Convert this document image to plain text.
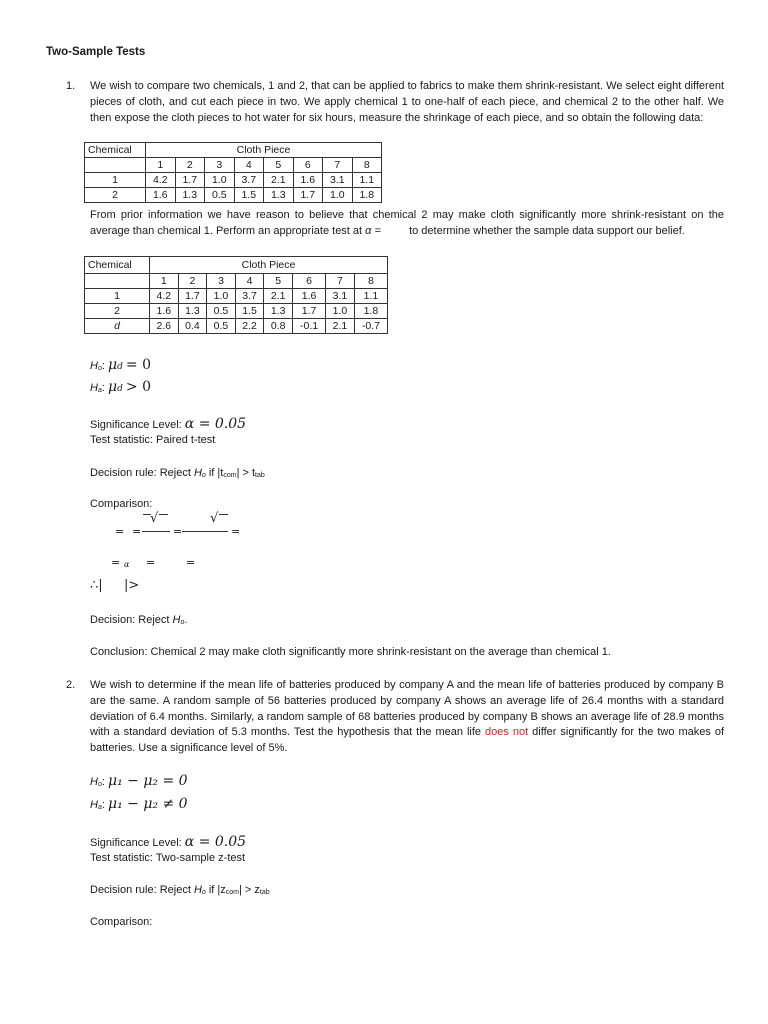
Two-Sample Tests
1. We wish to compare two chemicals, 1 and 2, that can be applied to fabrics to make them shrink-resistant. We select eight different pieces of cloth, and cut each piece in two. We apply chemical 1 to one-half of each piece, and chemical 2 to the other half. We then expose the cloth pieces to hot water for six hours, measure the shrinkage of each piece, and so obtain the following data:
Chemical	Cloth Piece							
	1	2	3	4	5	6	7	8
1	4.2	1.7	1.0	3.7	2.1	1.6	3.1	1.1
2	1.6	1.3	0.5	1.5	1.3	1.7	1.0	1.8
From prior information we have reason to believe that chemical 2 may make cloth significantly more shrink-resistant on the average than chemical 1. Perform an appropriate test at α =	to determine whether the sample data support our belief.
Chemical	Cloth Piece							
	1	2	3	4	5	6	7	8
1	4.2	1.7	1.0	3.7	2.1	1.6	3.1	1.1
2	1.6	1.3	0.5	1.5	1.3	1.7	1.0	1.8
d	2.6	0.4	0.5	2.2	0.8	-0.1	2.1	-0.7
Ho: μd = 0
Ha: μd > 0
Significance Level: α = 0.05
Test statistic: Paired t-test
Decision rule: Reject Ho if |tcom| > ttab
Comparison:
= =
√
=
√
=
= α =	=
∴| |>
Decision: Reject Ho.
Conclusion: Chemical 2 may make cloth significantly more shrink-resistant on the average than chemical 1.
2. We wish to determine if the mean life of batteries produced by company A and the mean life of batteries produced by company B are the same. A random sample of 56 batteries produced by company A shows an average life of 26.4 months with a standard deviation of 6.4 months. Similarly, a random sample of 68 batteries produced by company B shows an average life of 28.9 months with a standard deviation of 5.3 months. Test the hypothesis that the mean life does not differ significantly for the two makes of batteries. Use a significance level of 5%.
Ho: μ₁ − μ₂ = 0
Ha: μ₁ − μ₂ ≠ 0
Significance Level: α = 0.05
Test statistic: Two-sample z-test
Decision rule: Reject Ho if |zcom| > ztab
Comparison:
